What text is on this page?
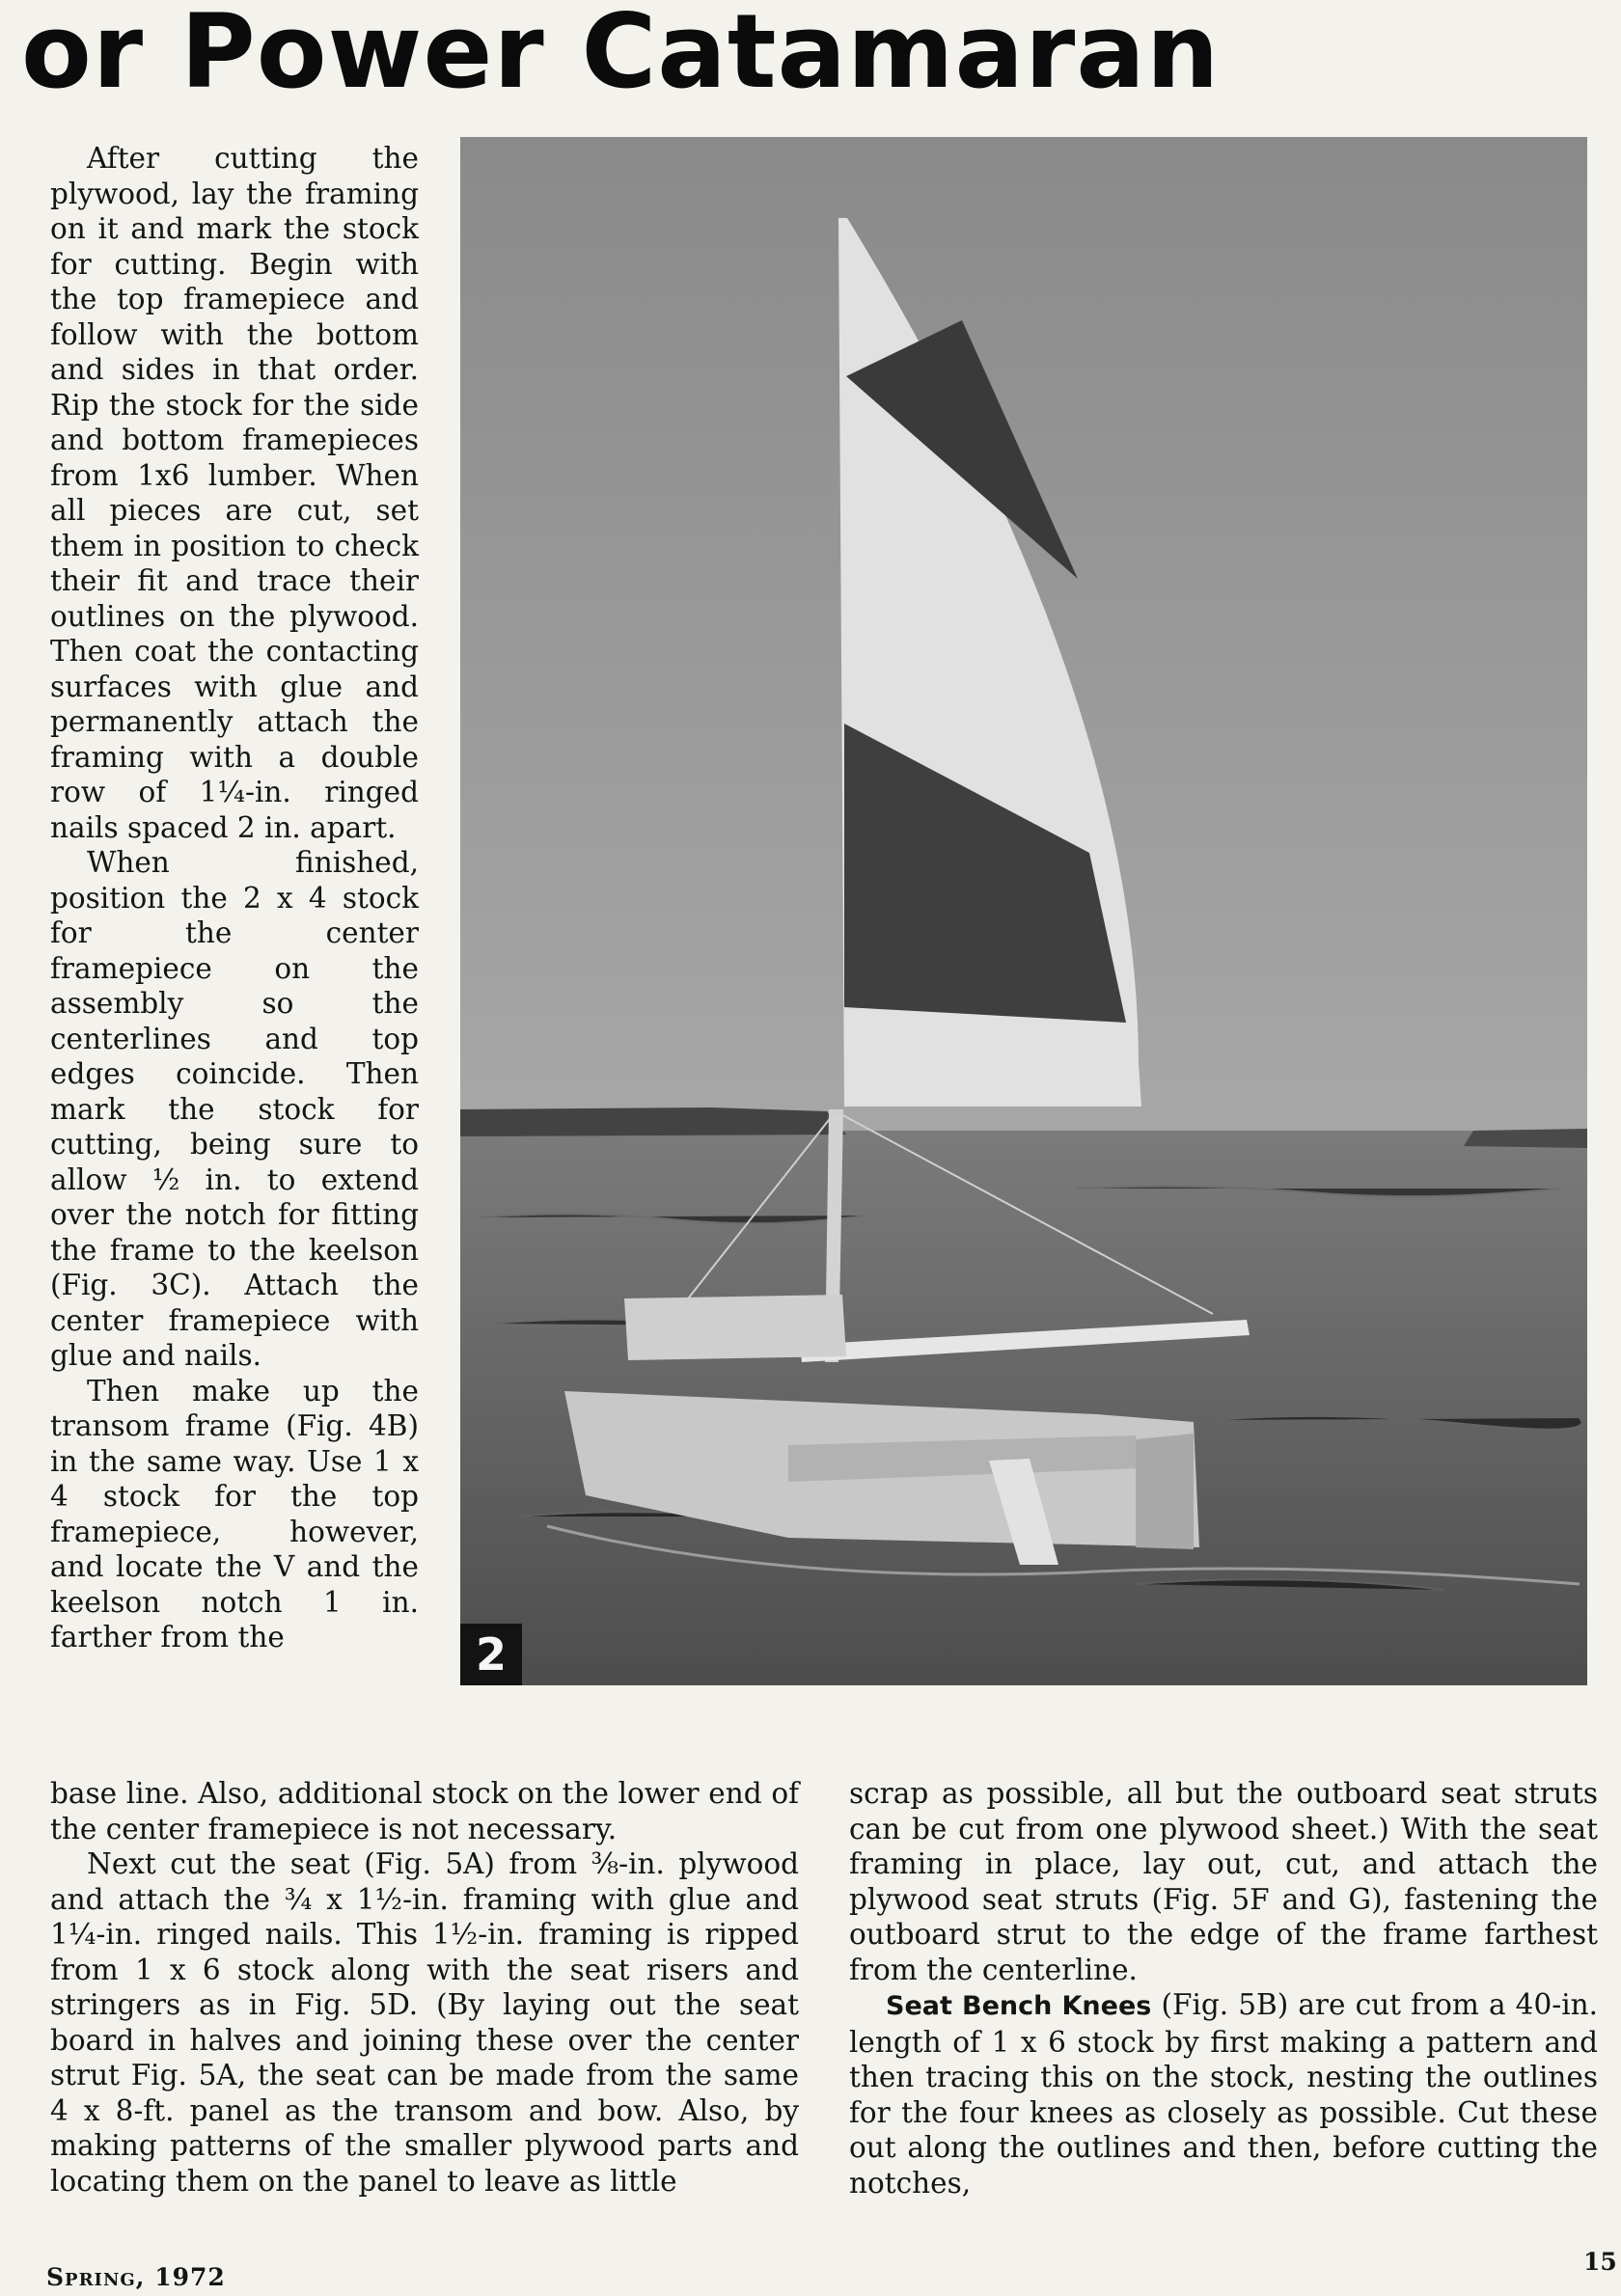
or Power Catamaran

After cutting the plywood, lay the framing on it and mark the stock for cutting. Begin with the top framepiece and follow with the bottom and sides in that order. Rip the stock for the side and bottom framepieces from 1x6 lumber. When all pieces are cut, set them in position to check their fit and trace their outlines on the plywood. Then coat the contacting surfaces with glue and permanently attach the framing with a double row of 1¼-in. ringed nails spaced 2 in. apart.

When finished, position the 2 x 4 stock for the center framepiece on the assembly so the centerlines and top edges coincide. Then mark the stock for cutting, being sure to allow ½ in. to extend over the notch for fitting the frame to the keelson (Fig. 3C). Attach the center framepiece with glue and nails.

Then make up the transom frame (Fig. 4B) in the same way. Use 1 x 4 stock for the top framepiece, however, and locate the V and the keelson notch 1 in. farther from the	2

base line. Also, additional stock on the lower end of the center framepiece is not necessary.

Next cut the seat (Fig. 5A) from ⅜-in. plywood and attach the ¾ x 1½-in. framing with glue and 1¼-in. ringed nails. This 1½-in. framing is ripped from 1 x 6 stock along with the seat risers and stringers as in Fig. 5D. (By laying out the seat board in halves and joining these over the center strut Fig. 5A, the seat can be made from the same 4 x 8-ft. panel as the transom and bow. Also, by making patterns of the smaller plywood parts and locating them on the panel to leave as little

scrap as possible, all but the outboard seat struts can be cut from one plywood sheet.) With the seat framing in place, lay out, cut, and attach the plywood seat struts (Fig. 5F and G), fastening the outboard strut to the edge of the frame farthest from the centerline.

Seat Bench Knees (Fig. 5B) are cut from a 40-in. length of 1 x 6 stock by first making a pattern and then tracing this on the stock, nesting the outlines for the four knees as closely as possible. Cut these out along the outlines and then, before cutting the notches,

Spring, 1972
15
